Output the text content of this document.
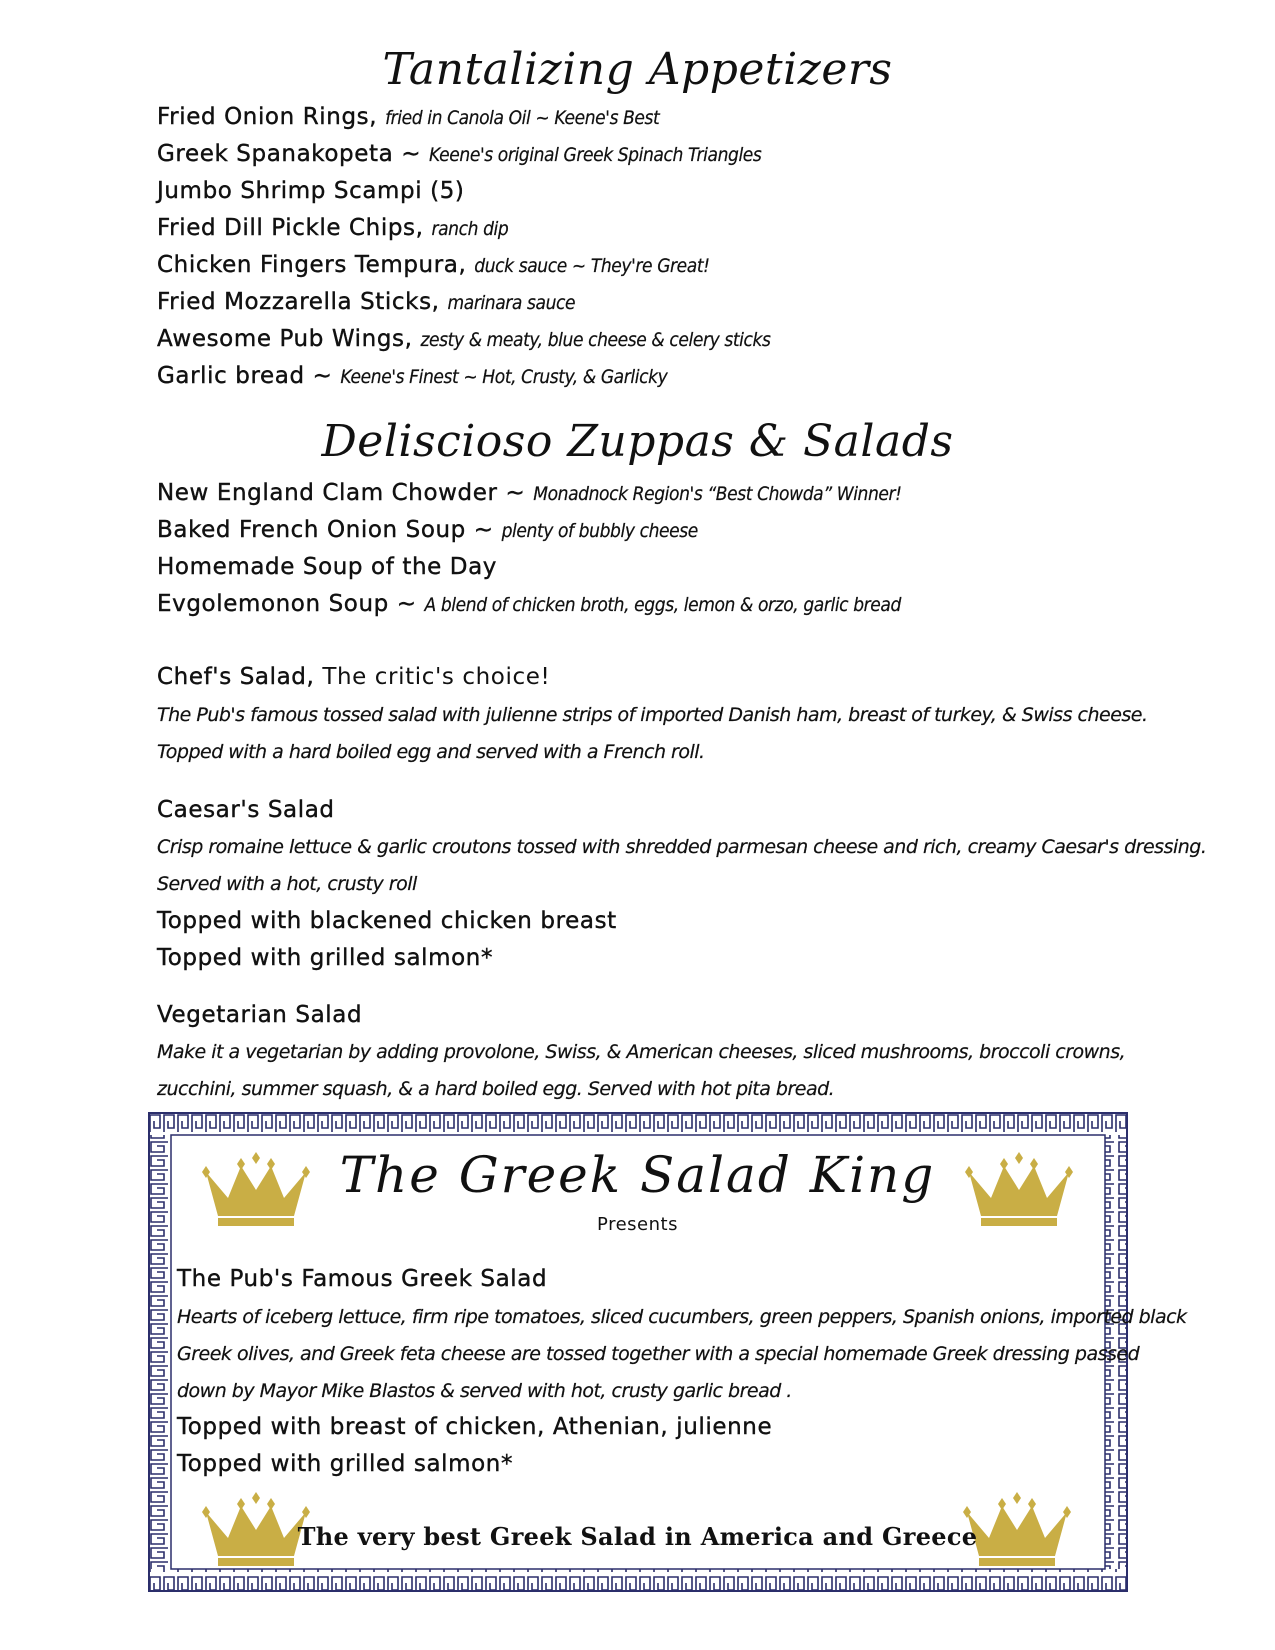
Tantalizing Appetizers
Fried Onion Rings, fried in Canola Oil ~ Keene's Best
Greek Spanakopeta ~ Keene's original Greek Spinach Triangles
Jumbo Shrimp Scampi (5)
Fried Dill Pickle Chips, ranch dip
Chicken Fingers Tempura, duck sauce ~ They're Great!
Fried Mozzarella Sticks, marinara sauce
Awesome Pub Wings, zesty & meaty, blue cheese & celery sticks
Garlic bread ~ Keene's Finest ~ Hot, Crusty, & Garlicky
Deliscioso Zuppas & Salads
New England Clam Chowder ~ Monadnock Region's “Best Chowda” Winner!
Baked French Onion Soup ~ plenty of bubbly cheese
Homemade Soup of the Day
Evgolemonon Soup ~ A blend of chicken broth, eggs, lemon & orzo, garlic bread
Chef's Salad, The critic's choice!
The Pub's famous tossed salad with julienne strips of imported Danish ham, breast of turkey, & Swiss cheese.
Topped with a hard boiled egg and served with a French roll.
Caesar's Salad
Crisp romaine lettuce & garlic croutons tossed with shredded parmesan cheese and rich, creamy Caesar's dressing.
Served with a hot, crusty roll
Topped with blackened chicken breast
Topped with grilled salmon*
Vegetarian Salad
Make it a vegetarian by adding provolone, Swiss, & American cheeses, sliced mushrooms, broccoli crowns,
zucchini, summer squash, & a hard boiled egg. Served with hot pita bread.
The Greek Salad King
Presents
The Pub's Famous Greek Salad
Hearts of iceberg lettuce, firm ripe tomatoes, sliced cucumbers, green peppers, Spanish onions, imported black
Greek olives, and Greek feta cheese are tossed together with a special homemade Greek dressing passed
down by Mayor Mike Blastos & served with hot, crusty garlic bread .
Topped with breast of chicken, Athenian, julienne
Topped with grilled salmon*
The very best Greek Salad in America and Greece
